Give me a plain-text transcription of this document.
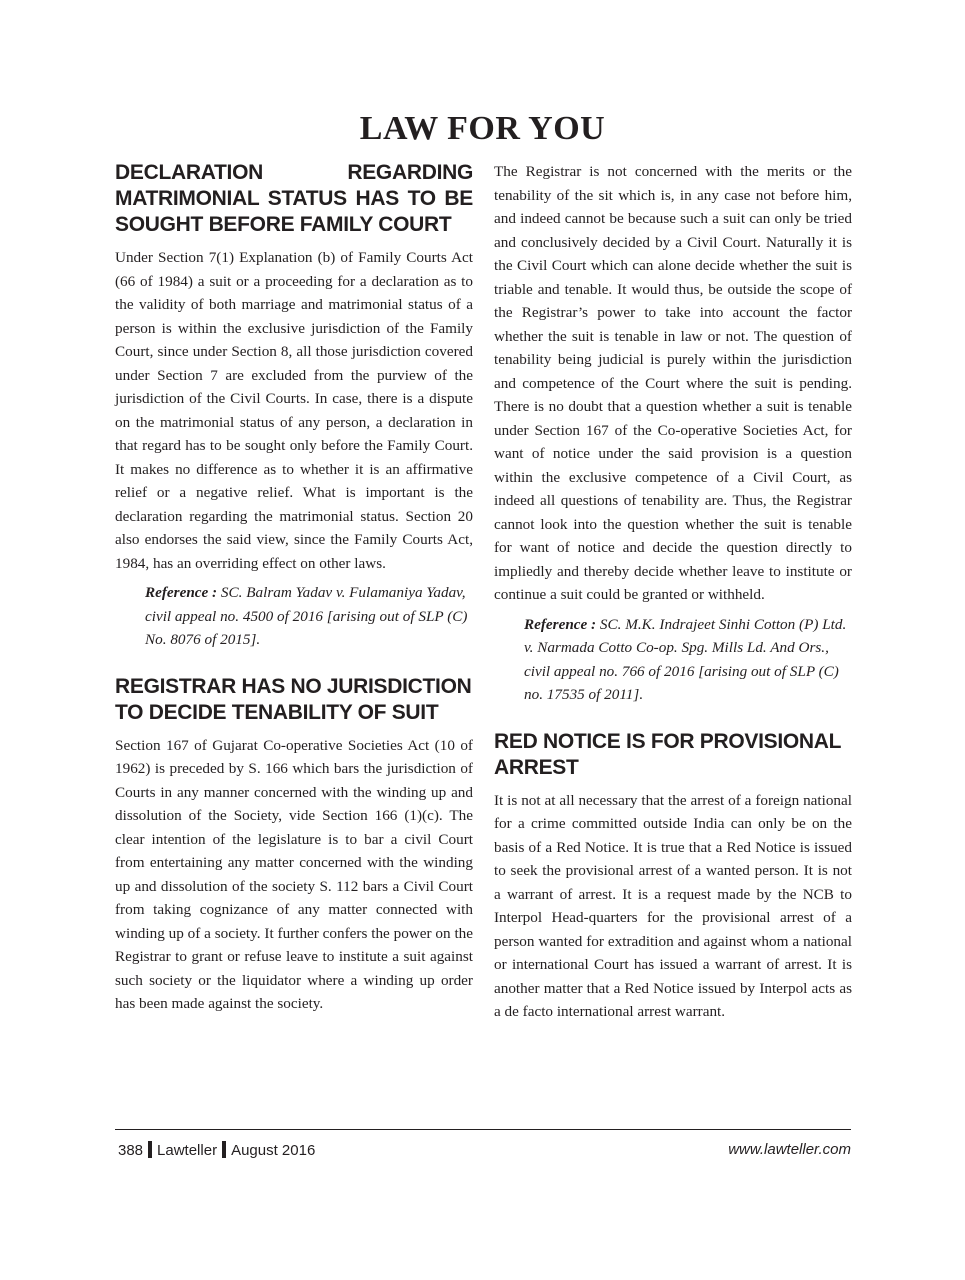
LAW FOR YOU
DECLARATION REGARDING MATRIMONIAL STATUS HAS TO BE SOUGHT BEFORE FAMILY COURT

Under Section 7(1) Explanation (b) of Family Courts Act (66 of 1984) a suit or a proceeding for a declaration as to the validity of both marriage and matrimonial status of a person is within the exclusive jurisdiction of the Family Court, since under Section 8, all those jurisdiction covered under Section 7 are excluded from the purview of the jurisdiction of the Civil Courts. In case, there is a dispute on the matrimonial status of any person, a declaration in that regard has to be sought only before the Family Court. It makes no difference as to whether it is an affirmative relief or a negative relief. What is important is the declaration regarding the matrimonial status. Section 20 also endorses the said view, since the Family Courts Act, 1984, has an overriding effect on other laws.

Reference : SC. Balram Yadav v. Fulamaniya Yadav, civil appeal no. 4500 of 2016 [arising out of SLP (C) No. 8076 of 2015].

REGISTRAR HAS NO JURISDICTION TO DECIDE TENABILITY OF SUIT

Section 167 of Gujarat Co-operative Societies Act (10 of 1962) is preceded by S. 166 which bars the jurisdiction of Courts in any manner concerned with the winding up and dissolution of the Society, vide Section 166 (1)(c). The clear intention of the legislature is to bar a civil Court from entertaining any matter concerned with the winding up and dissolution of the society S. 112 bars a Civil Court from taking cognizance of any matter connected with winding up of a society. It further confers the power on the Registrar to grant or refuse leave to institute a suit against such society or the liquidator where a winding up order has been made against the society.

The Registrar is not concerned with the merits or the tenability of the sit which is, in any case not before him, and indeed cannot be because such a suit can only be tried and conclusively decided by a Civil Court. Naturally it is the Civil Court which can alone decide whether the suit is triable and tenable. It would thus, be outside the scope of the Registrar’s power to take into account the factor whether the suit is tenable in law or not. The question of tenability being judicial is purely within the jurisdiction and competence of the Court where the suit is pending. There is no doubt that a question whether a suit is tenable under Section 167 of the Co-operative Societies Act, for want of notice under the said provision is a question within the exclusive competence of a Civil Court, as indeed all questions of tenability are. Thus, the Registrar cannot look into the question whether the suit is tenable for want of notice and decide the question directly to impliedly and thereby decide whether leave to institute or continue a suit could be granted or withheld.

Reference : SC. M.K. Indrajeet Sinhi Cotton (P) Ltd. v. Narmada Cotto Co-op. Spg. Mills Ld. And Ors., civil appeal no. 766 of 2016 [arising out of SLP (C) no. 17535 of 2011].

RED NOTICE IS FOR PROVISIONAL ARREST

It is not at all necessary that the arrest of a foreign national for a crime committed outside India can only be on the basis of a Red Notice. It is true that a Red Notice is issued to seek the provisional arrest of a wanted person. It is not a warrant of arrest. It is a request made by the NCB to Interpol Head-quarters for the provisional arrest of a person wanted for extradition and against whom a national or international Court has issued a warrant of arrest. It is another matter that a Red Notice issued by Interpol acts as a de facto international arrest warrant.

388 Lawteller August 2016	www.lawteller.com
